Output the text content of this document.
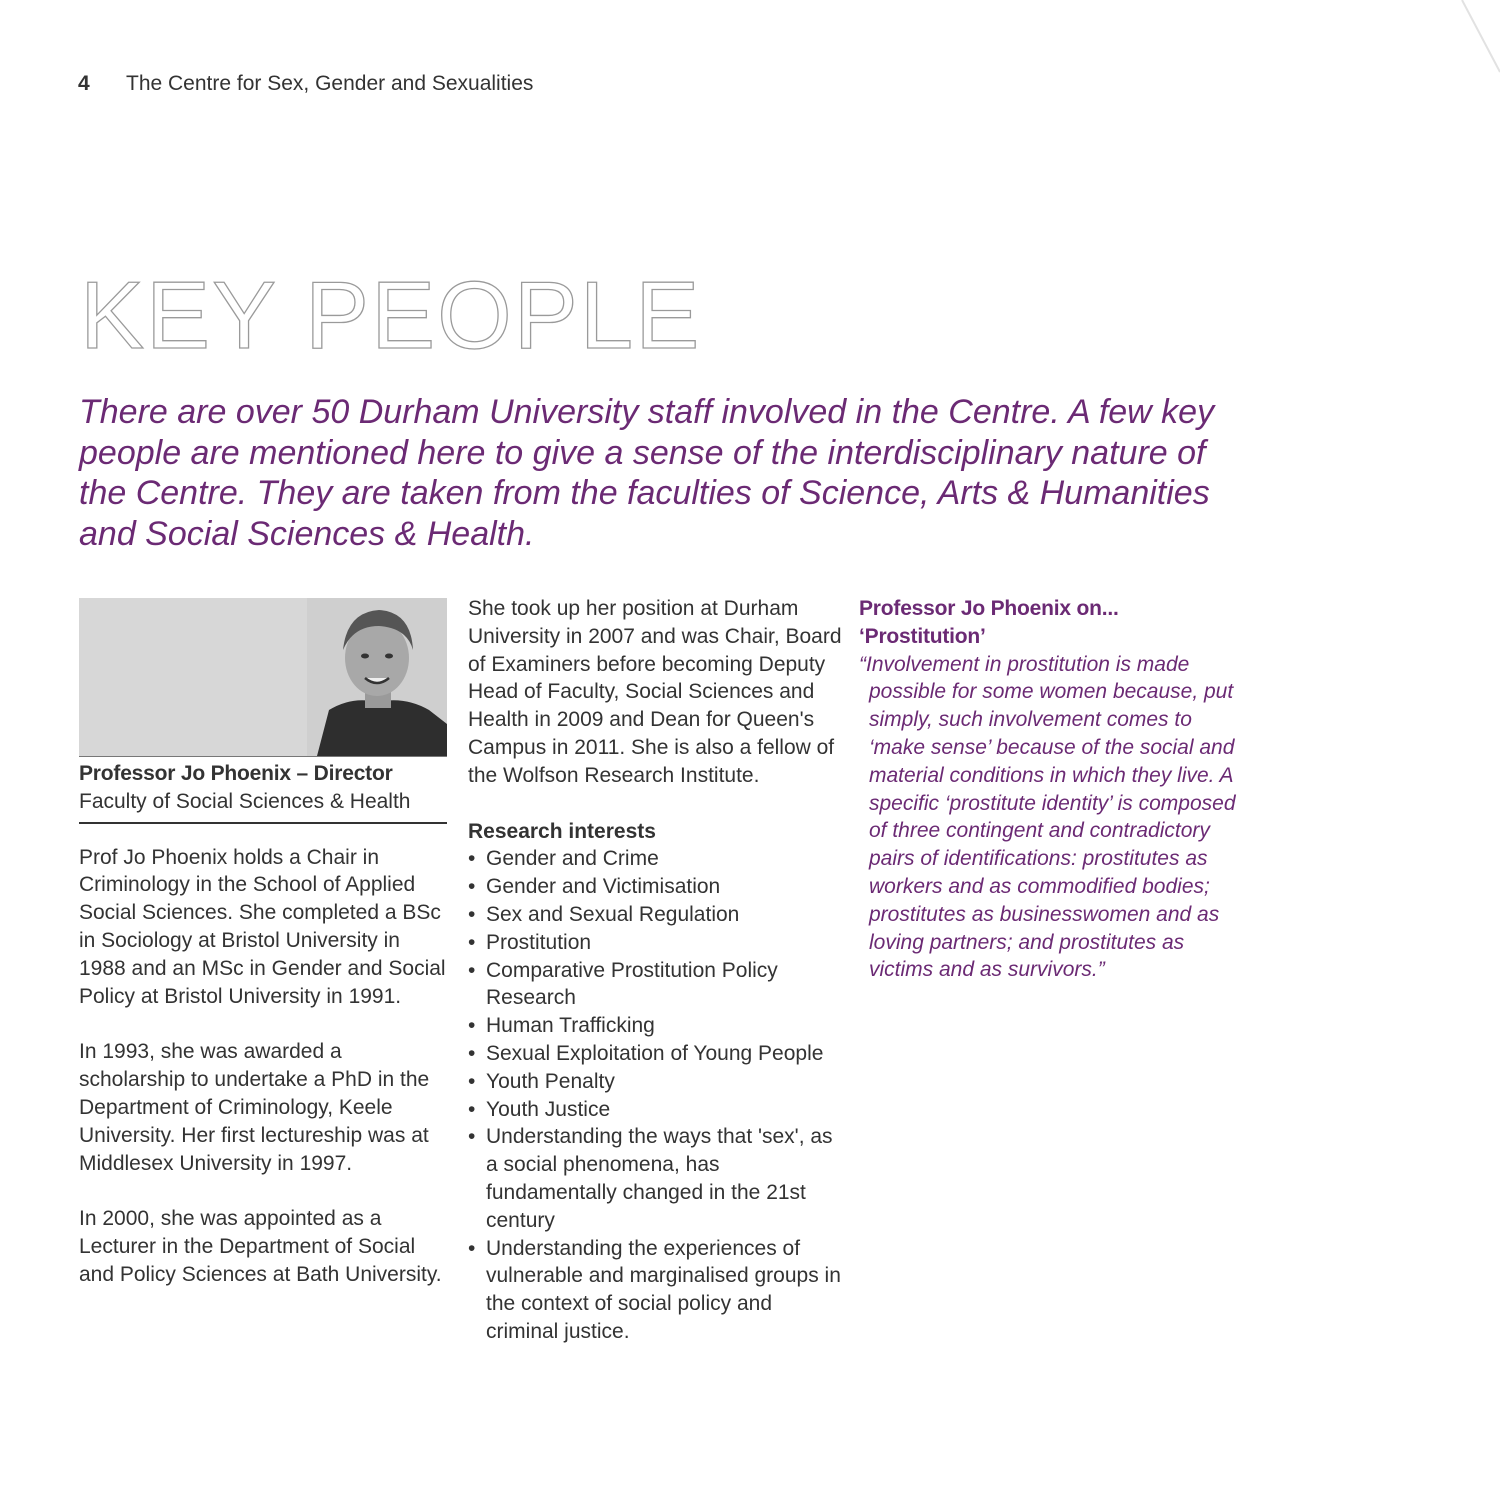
4 The Centre for Sex, Gender and Sexualities
KEY PEOPLE
There are over 50 Durham University staff involved in the Centre. A few key people are mentioned here to give a sense of the interdisciplinary nature of the Centre. They are taken from the faculties of Science, Arts & Humanities and Social Sciences & Health.
Professor Jo Phoenix – Director
Faculty of Social Sciences & Health

Prof Jo Phoenix holds a Chair in Criminology in the School of Applied Social Sciences. She completed a BSc in Sociology at Bristol University in 1988 and an MSc in Gender and Social Policy at Bristol University in 1991.

In 1993, she was awarded a scholarship to undertake a PhD in the Department of Criminology, Keele University. Her first lectureship was at Middlesex University in 1997.

In 2000, she was appointed as a Lecturer in the Department of Social and Policy Sciences at Bath University.

She took up her position at Durham University in 2007 and was Chair, Board of Examiners before becoming Deputy Head of Faculty, Social Sciences and Health in 2009 and Dean for Queen's Campus in 2011. She is also a fellow of the Wolfson Research Institute.

Research interests
• Gender and Crime
• Gender and Victimisation
• Sex and Sexual Regulation
• Prostitution
• Comparative Prostitution Policy Research
• Human Trafficking
• Sexual Exploitation of Young People
• Youth Penalty
• Youth Justice
• Understanding the ways that 'sex', as a social phenomena, has fundamentally changed in the 21st century
• Understanding the experiences of vulnerable and marginalised groups in the context of social policy and criminal justice.
Professor Jo Phoenix on... ‘Prostitution’
“Involvement in prostitution is made possible for some women because, put simply, such involvement comes to ‘make sense’ because of the social and material conditions in which they live. A specific ‘prostitute identity’ is composed of three contingent and contradictory pairs of identifications: prostitutes as workers and as commodified bodies; prostitutes as businesswomen and as loving partners; and prostitutes as victims and as survivors.”
